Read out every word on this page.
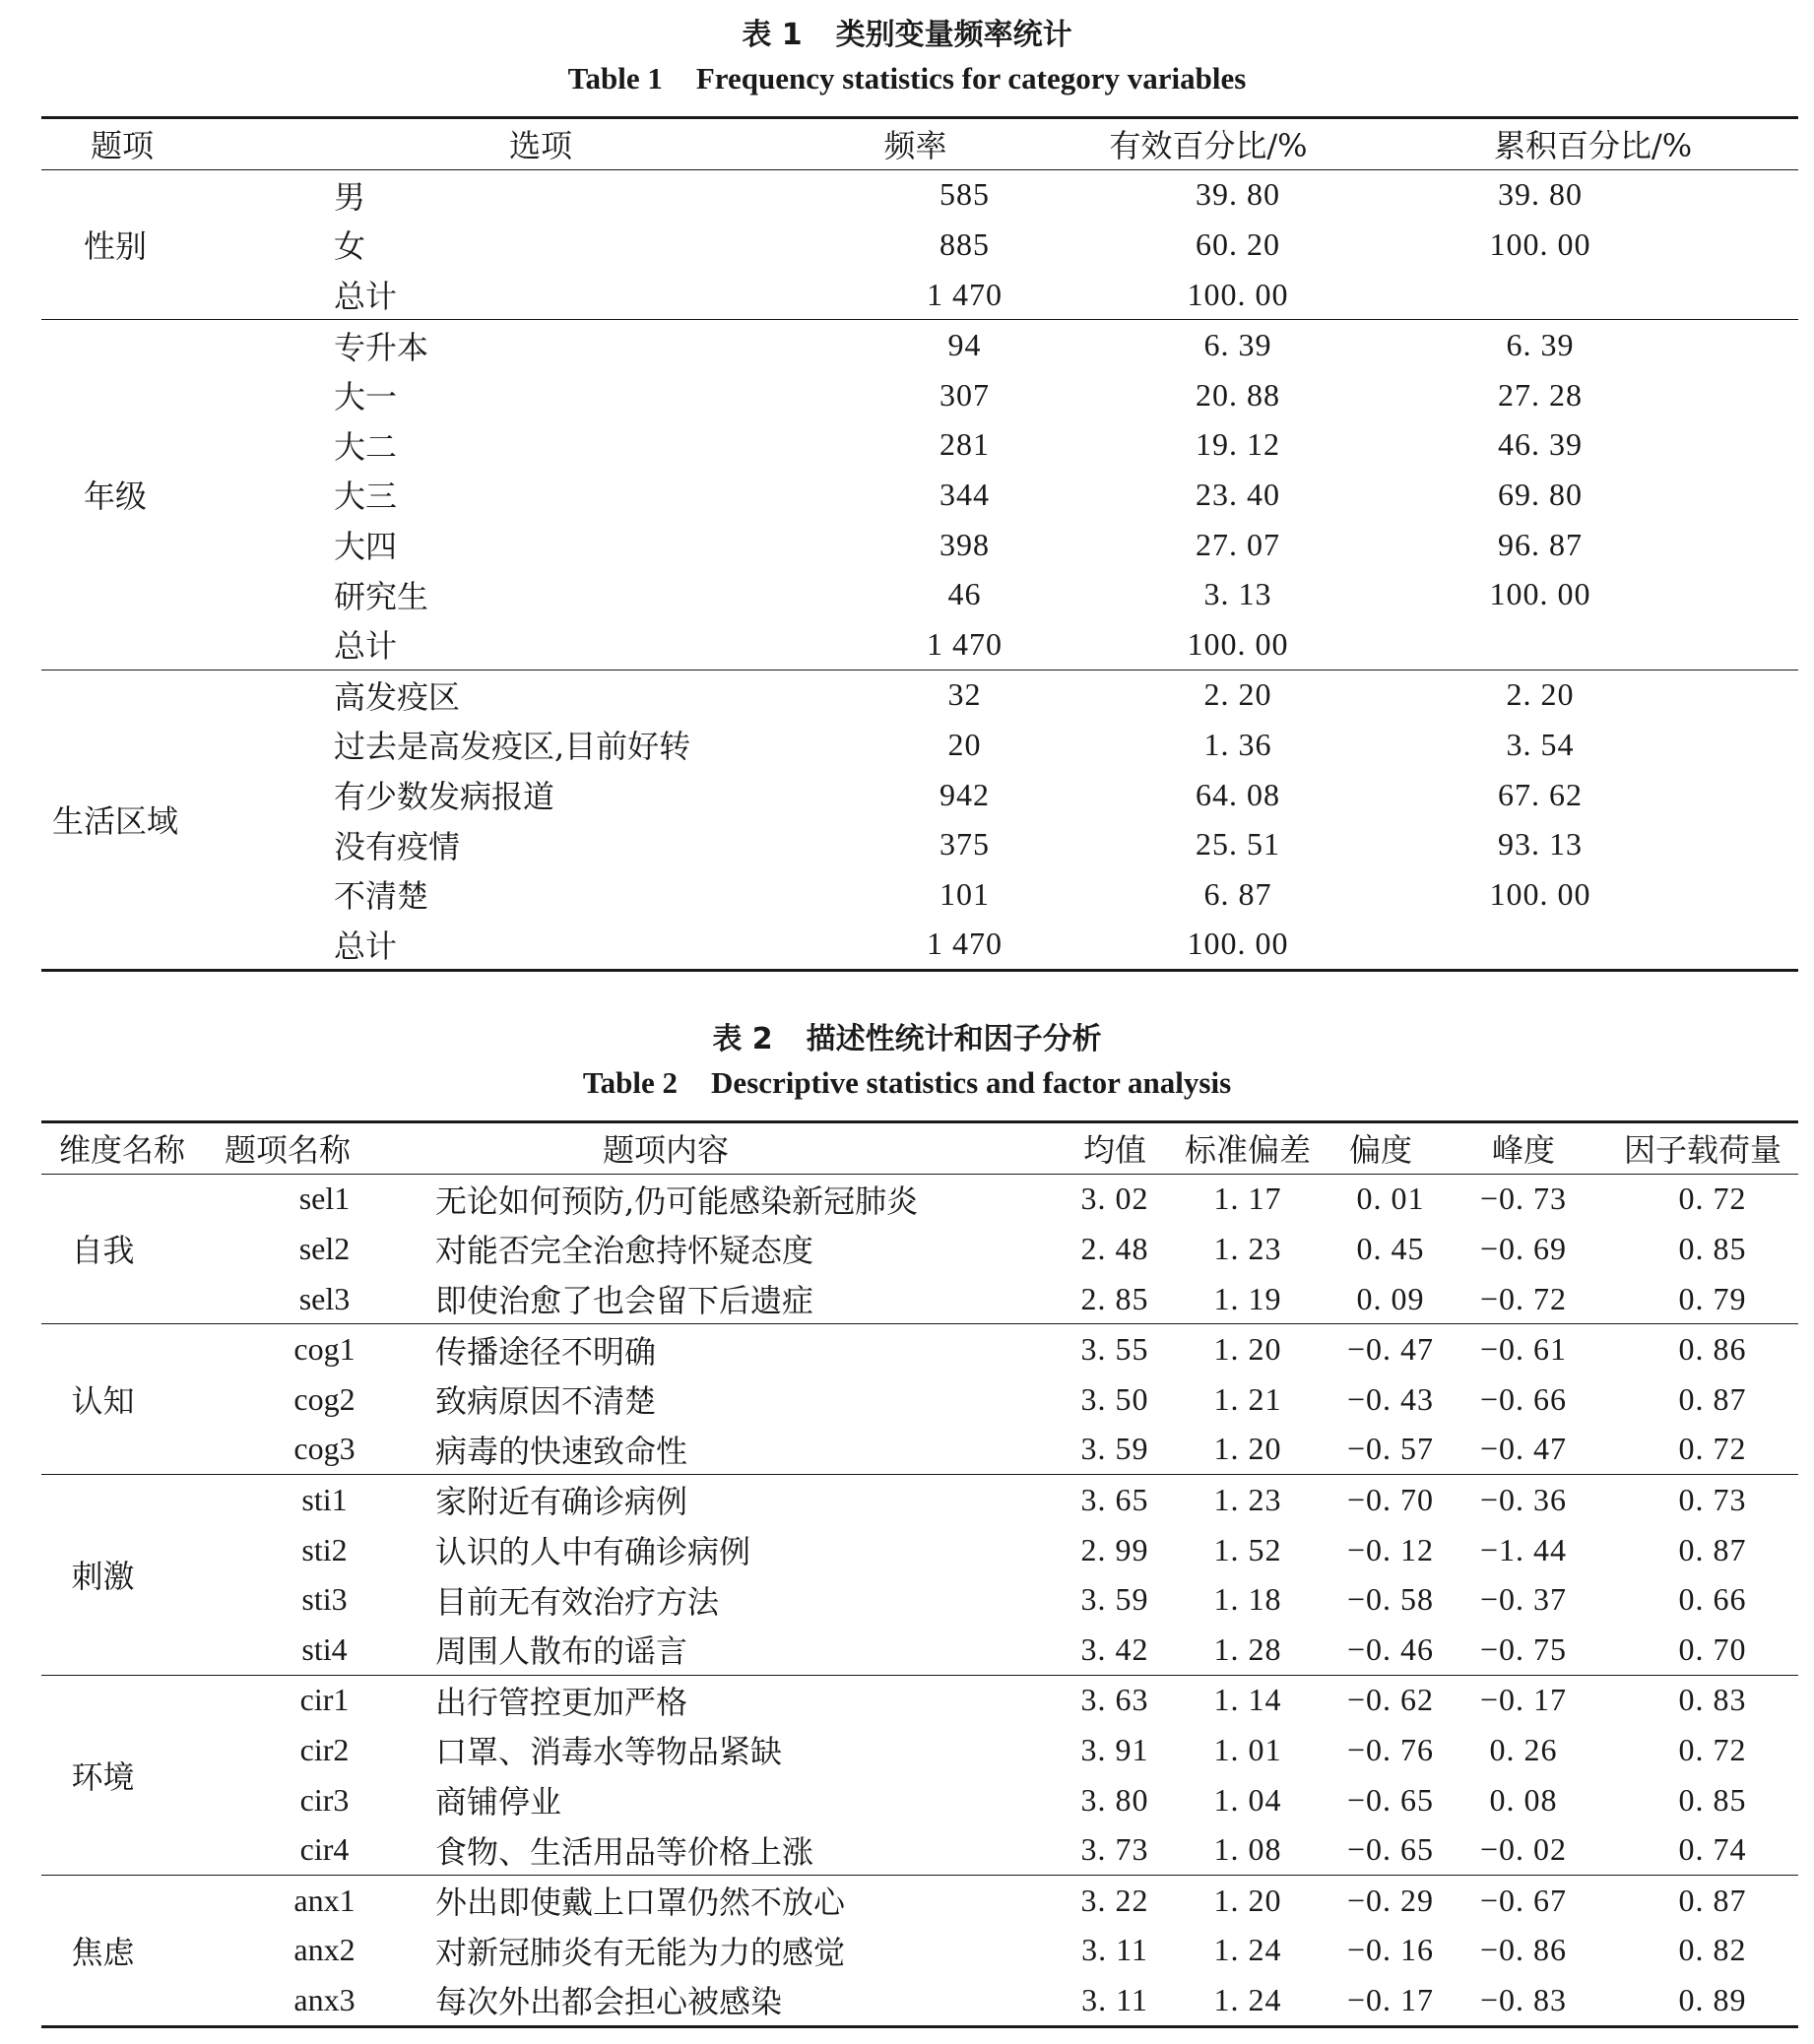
表 1 类别变量频率统计
Table 1 Frequency statistics for category variables
题项	选项	频率	有效百分比/%	累积百分比/%
性别	男	585	39. 80	39. 80
	女	885	60. 20	100. 00
	总计	1 470	100. 00	
年级	专升本	94	6. 39	6. 39
	大一	307	20. 88	27. 28
	大二	281	19. 12	46. 39
	大三	344	23. 40	69. 80
	大四	398	27. 07	96. 87
	研究生	46	3. 13	100. 00
	总计	1 470	100. 00	
生活区域	高发疫区	32	2. 20	2. 20
	过去是高发疫区,目前好转	20	1. 36	3. 54
	有少数发病报道	942	64. 08	67. 62
	没有疫情	375	25. 51	93. 13
	不清楚	101	6. 87	100. 00
	总计	1 470	100. 00	
表 2 描述性统计和因子分析
Table 2 Descriptive statistics and factor analysis
维度名称	题项名称	题项内容	均值	标准偏差	偏度	峰度	因子载荷量
自我	sel1	无论如何预防,仍可能感染新冠肺炎	3. 02	1. 17	0. 01	−0. 73	0. 72
	sel2	对能否完全治愈持怀疑态度	2. 48	1. 23	0. 45	−0. 69	0. 85
	sel3	即使治愈了也会留下后遗症	2. 85	1. 19	0. 09	−0. 72	0. 79
认知	cog1	传播途径不明确	3. 55	1. 20	−0. 47	−0. 61	0. 86
	cog2	致病原因不清楚	3. 50	1. 21	−0. 43	−0. 66	0. 87
	cog3	病毒的快速致命性	3. 59	1. 20	−0. 57	−0. 47	0. 72
刺激	sti1	家附近有确诊病例	3. 65	1. 23	−0. 70	−0. 36	0. 73
	sti2	认识的人中有确诊病例	2. 99	1. 52	−0. 12	−1. 44	0. 87
	sti3	目前无有效治疗方法	3. 59	1. 18	−0. 58	−0. 37	0. 66
	sti4	周围人散布的谣言	3. 42	1. 28	−0. 46	−0. 75	0. 70
环境	cir1	出行管控更加严格	3. 63	1. 14	−0. 62	−0. 17	0. 83
	cir2	口罩、消毒水等物品紧缺	3. 91	1. 01	−0. 76	0. 26	0. 72
	cir3	商铺停业	3. 80	1. 04	−0. 65	0. 08	0. 85
	cir4	食物、生活用品等价格上涨	3. 73	1. 08	−0. 65	−0. 02	0. 74
焦虑	anx1	外出即使戴上口罩仍然不放心	3. 22	1. 20	−0. 29	−0. 67	0. 87
	anx2	对新冠肺炎有无能为力的感觉	3. 11	1. 24	−0. 16	−0. 86	0. 82
	anx3	每次外出都会担心被感染	3. 11	1. 24	−0. 17	−0. 83	0. 89
